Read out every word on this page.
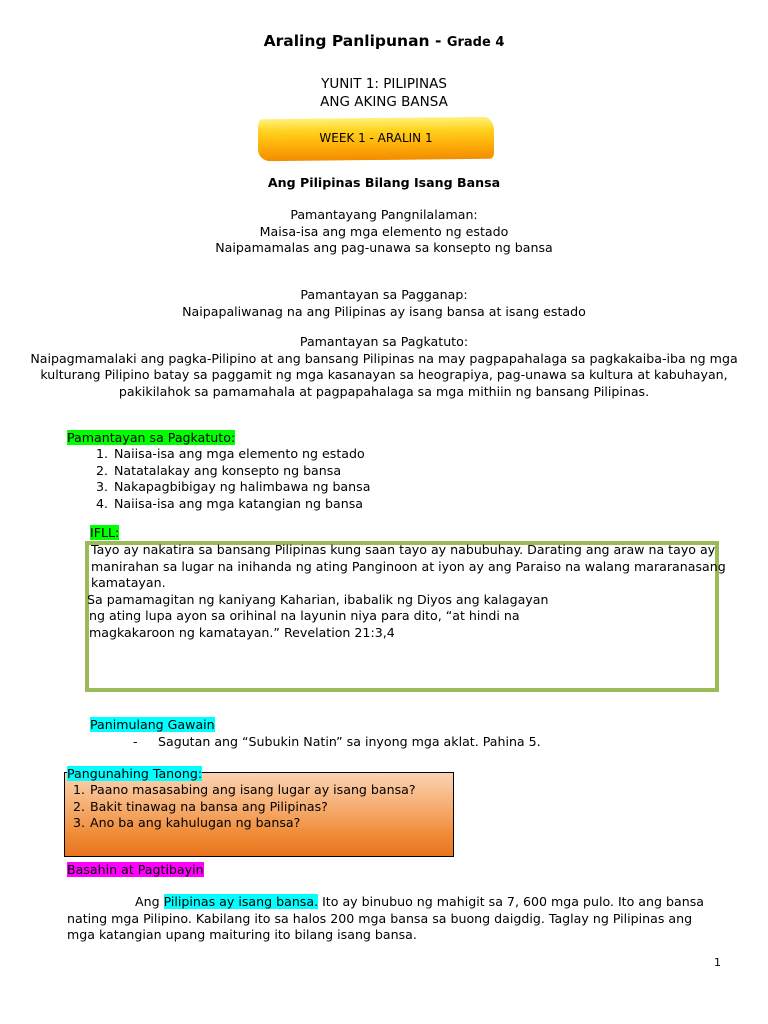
Araling Panlipunan - Grade 4
YUNIT 1: PILIPINAS
ANG AKING BANSA
WEEK 1 - ARALIN 1
Ang Pilipinas Bilang Isang Bansa
Pamantayang Pangnilalaman:
Maisa-isa ang mga elemento ng estado
Naipamamalas ang pag-unawa sa konsepto ng bansa
Pamantayan sa Pagganap:
Naipapaliwanag na ang Pilipinas ay isang bansa at isang estado
Pamantayan sa Pagkatuto:
Naipagmamalaki ang pagka-Pilipino at ang bansang Pilipinas na may pagpapahalaga sa pagkakaiba-iba ng mga
kulturang Pilipino batay sa paggamit ng mga kasanayan sa heograpiya, pag-unawa sa kultura at kabuhayan,
pakikilahok sa pamamahala at pagpapahalaga sa mga mithiin ng bansang Pilipinas.
Pamantayan sa Pagkatuto:
1. Naiisa-isa ang mga elemento ng estado
2. Natatalakay ang konsepto ng bansa
3. Nakapagbibigay ng halimbawa ng bansa
4. Naiisa-isa ang mga katangian ng bansa
IFLL:
Tayo ay nakatira sa bansang Pilipinas kung saan tayo ay nabubuhay. Darating ang araw na tayo ay
manirahan sa lugar na inihanda ng ating Panginoon at iyon ay ang Paraiso na walang mararanasang
kamatayan.
Sa pamamagitan ng kaniyang Kaharian, ibabalik ng Diyos ang kalagayan
ng ating lupa ayon sa orihinal na layunin niya para dito, “at hindi na
magkakaroon ng kamatayan.” Revelation 21:3,4
Panimulang Gawain
- Sagutan ang “Subukin Natin” sa inyong mga aklat. Pahina 5.
Pangunahing Tanong:
1. Paano masasabing ang isang lugar ay isang bansa?
2. Bakit tinawag na bansa ang Pilipinas?
3. Ano ba ang kahulugan ng bansa?
Basahin at Pagtibayin
Ang Pilipinas ay isang bansa. Ito ay binubuo ng mahigit sa 7, 600 mga pulo. Ito ang bansa nating mga Pilipino. Kabilang ito sa halos 200 mga bansa sa buong daigdig. Taglay ng Pilipinas ang mga katangian upang maituring ito bilang isang bansa.
1
